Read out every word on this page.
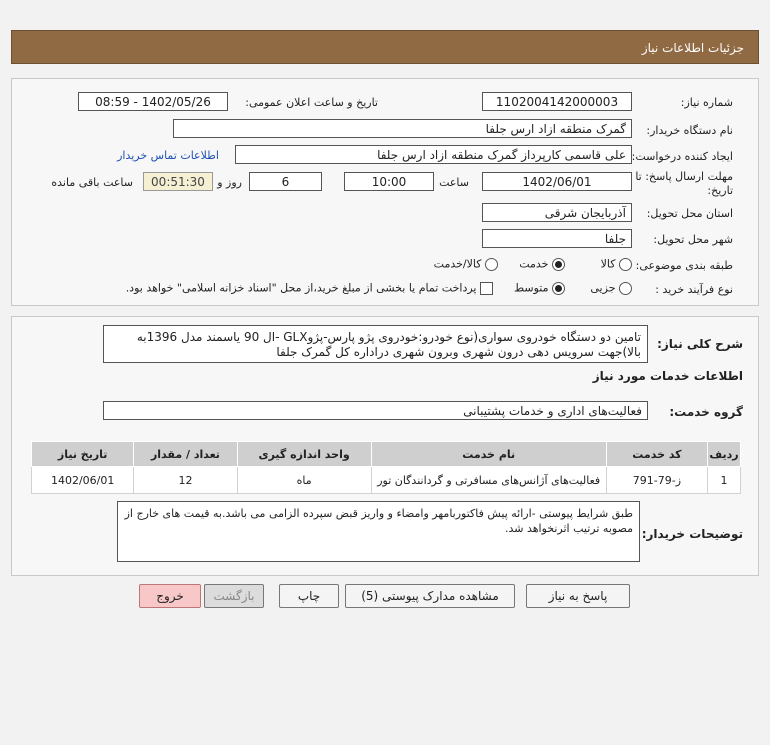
جزئیات اطلاعات نیاز
شماره نیاز:
1102004142000003
تاریخ و ساعت اعلان عمومی:
1402/05/26 - 08:59
نام دستگاه خریدار:
گمرک منطقه ازاد ارس جلفا
ایجاد کننده درخواست:
علی قاسمی کارپرداز گمرک منطقه ازاد ارس جلفا
اطلاعات تماس خریدار
مهلت ارسال پاسخ: تا
تاریخ:
1402/06/01
ساعت
10:00
6
روز و
00:51:30
ساعت باقی مانده
استان محل تحویل:
آذربایجان شرقی
شهر محل تحویل:
جلفا
طبقه بندی موضوعی:
کالا
خدمت
کالا/خدمت
نوع فرآیند خرید :
جزیی
متوسط
پرداخت تمام یا بخشی از مبلغ خرید،از محل "اسناد خزانه اسلامی" خواهد بود.
شرح کلی نیاز:
تامین دو دستگاه خودروی سواری(نوع خودرو:خودروی پژو پارس-پژوGLX -ال 90 یاسمند مدل 1396به بالا)جهت سرویس دهی درون شهری وبرون شهری دراداره کل گمرک جلفا
اطلاعات خدمات مورد نیاز
گروه خدمت:
فعالیت‌های اداری و خدمات پشتیبانی
ردیف	کد خدمت	نام خدمت	واحد اندازه گیری	تعداد / مقدار	تاریخ نیاز
1	ز-79-791	فعالیت‌های آژانس‌های مسافرتی و گردانندگان تور	ماه	12	1402/06/01
توضیحات خریدار:
طبق شرایط پیوستی -ارائه پیش فاکتوربامهر وامضاء و واریز قبض سپرده الزامی می باشد.به قیمت های خارج از مصوبه ترتیب اثرنخواهد شد.
پاسخ به نیاز
مشاهده مدارک پیوستی (5)
چاپ
بازگشت
خروج
